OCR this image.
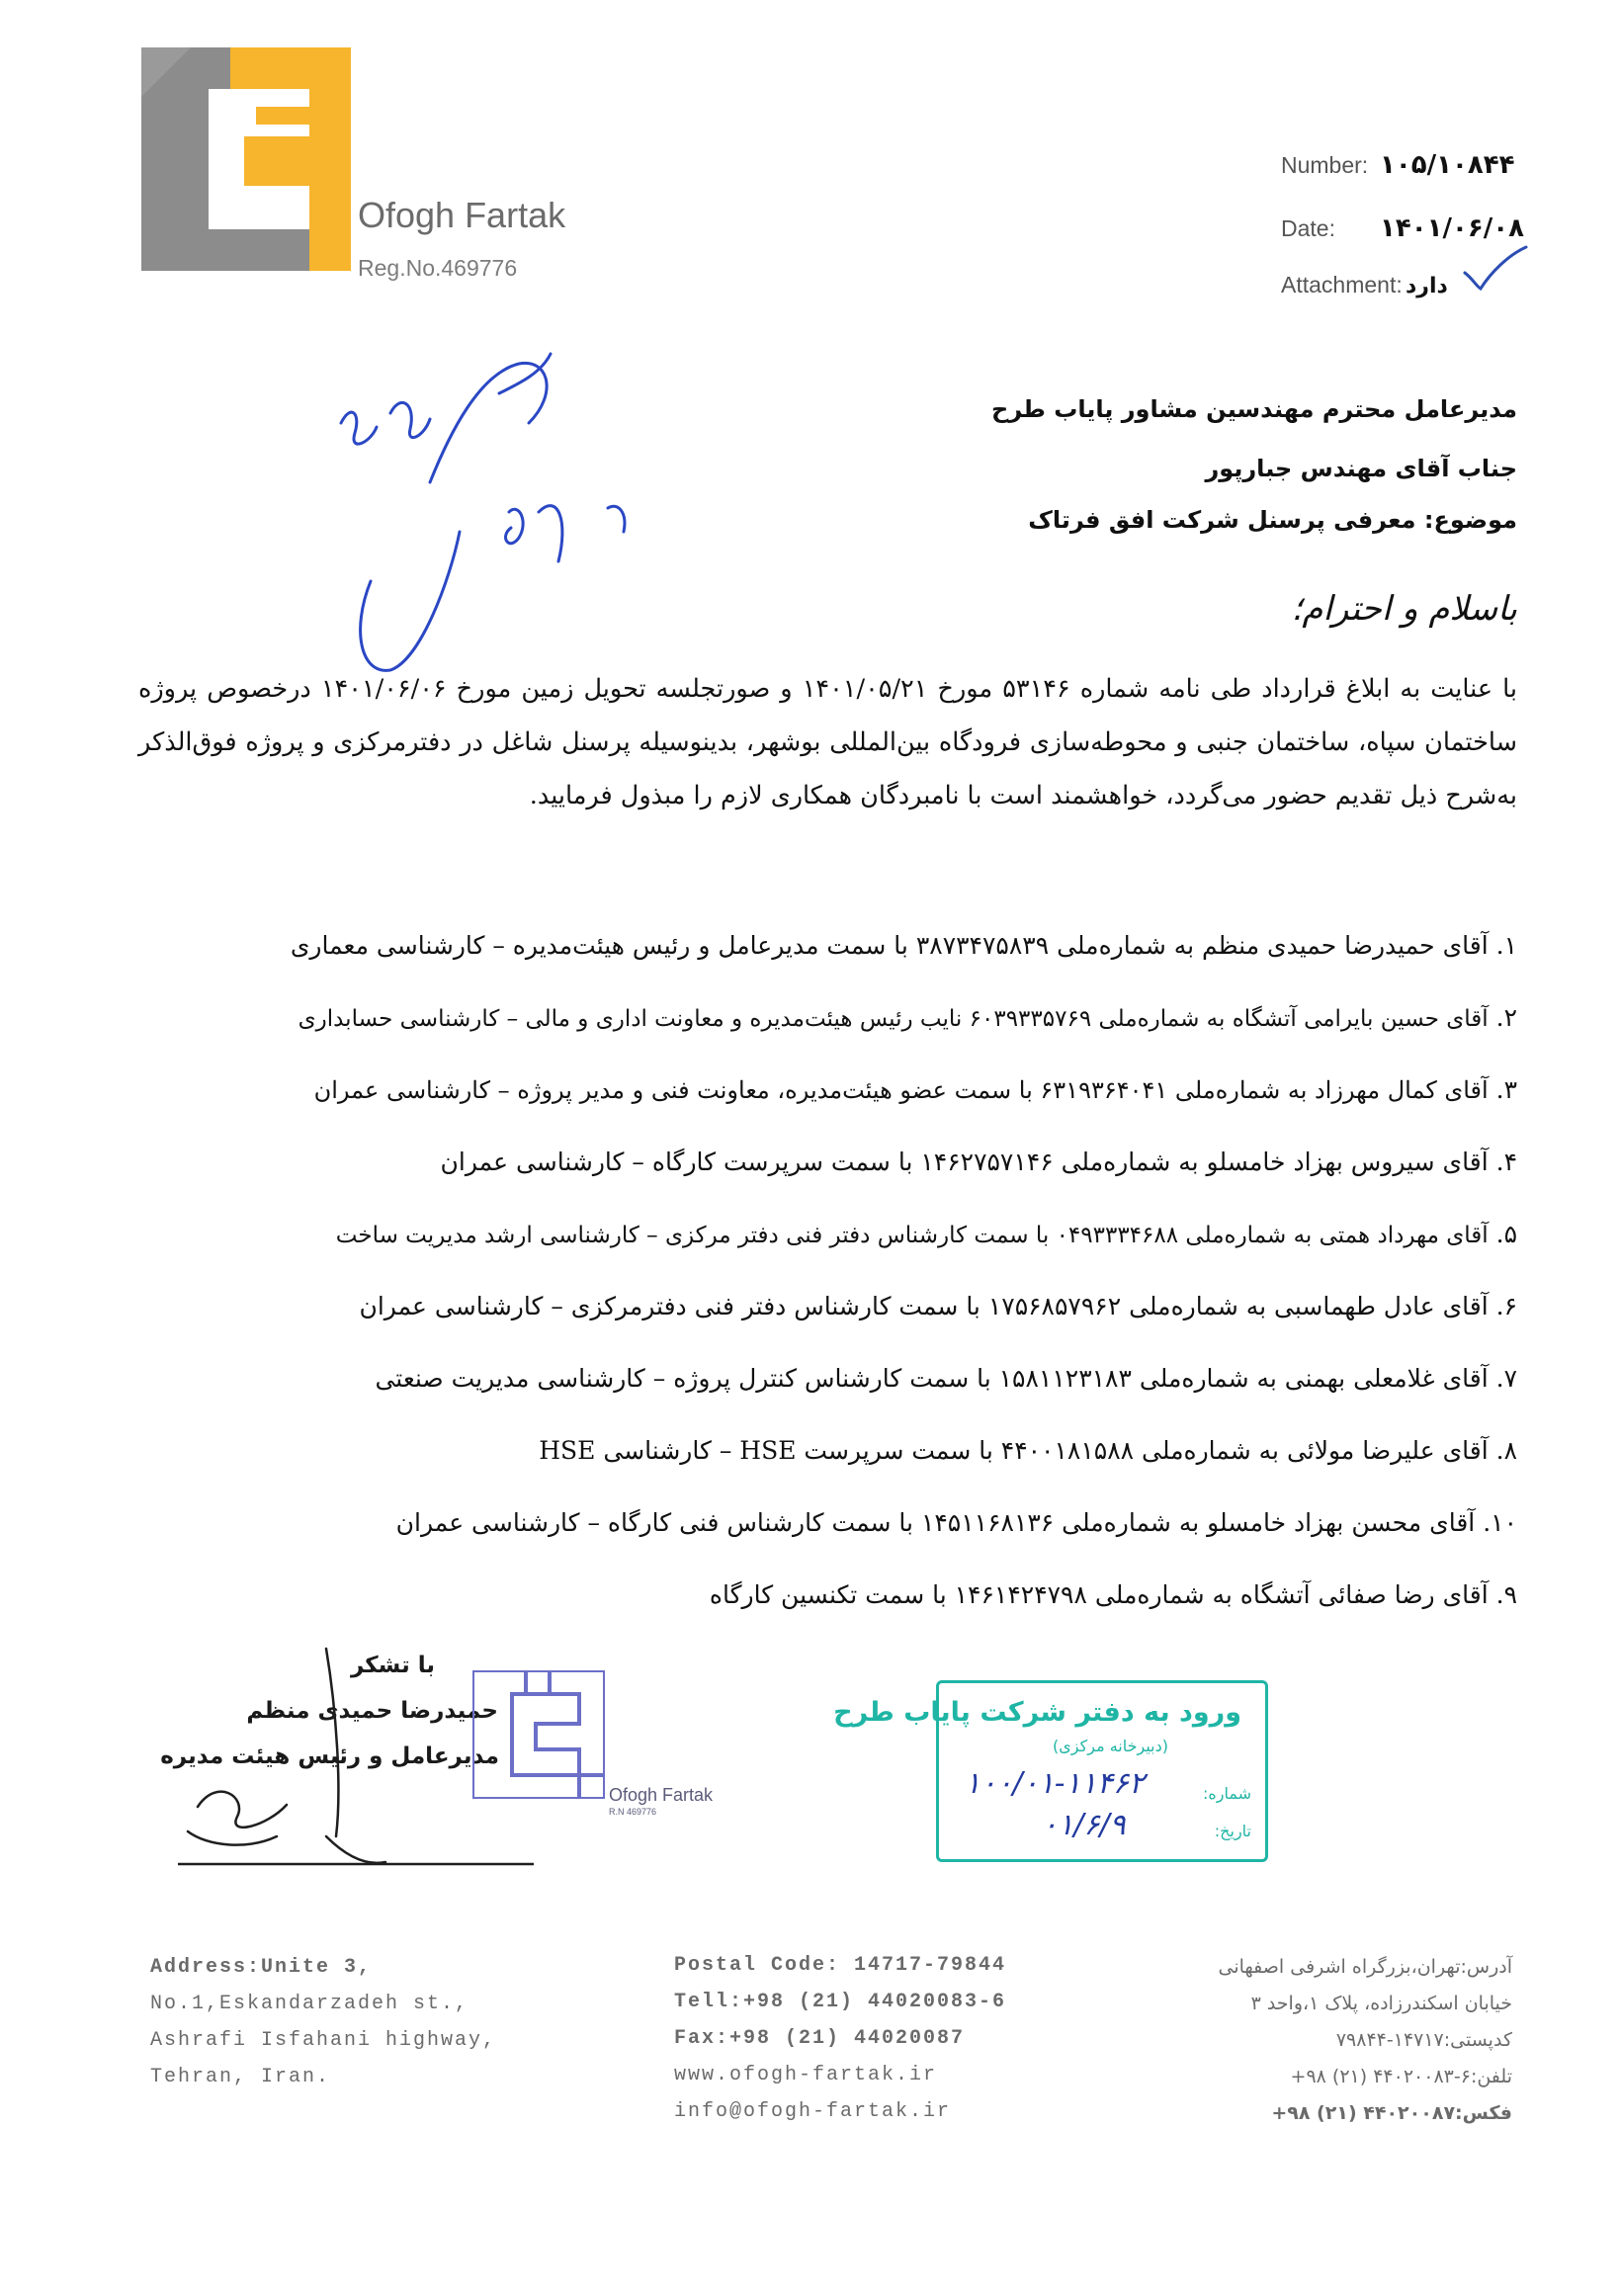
Ofogh Fartak
Reg.No.469776
Number: ۱۰۵/۱۰۸۴۴
Date: ۱۴۰۱/۰۶/۰۸
Attachment: دارد
مدیرعامل محترم مهندسین مشاور پایاب طرح
جناب آقای مهندس جبارپور
موضوع: معرفی پرسنل شرکت افق فرتاک
باسلام و احترام؛
با عنایت به ابلاغ قرارداد طی نامه شماره ۵۳۱۴۶ مورخ ۱۴۰۱/۰۵/۲۱ و صورتجلسه تحویل زمین مورخ ۱۴۰۱/۰۶/۰۶ درخصوص پروژه ساختمان سپاه، ساختمان جنبی و محوطه‌سازی فرودگاه بین‌المللی بوشهر، بدینوسیله پرسنل شاغل در دفترمرکزی و پروژه فوق‌الذکر به‌شرح ذیل تقدیم حضور می‌گردد، خواهشمند است با نامبردگان همکاری لازم را مبذول فرمایید.
۱. آقای حمیدرضا حمیدی منظم به شماره‌ملی ۳۸۷۳۴۷۵۸۳۹ با سمت مدیرعامل و رئیس هیئت‌مدیره – کارشناسی معماری
۲. آقای حسین بایرامی آتشگاه به شماره‌ملی ۶۰۳۹۳۳۵۷۶۹ نایب رئیس هیئت‌مدیره و معاونت اداری و مالی – کارشناسی حسابداری
۳. آقای کمال مهرزاد به شماره‌ملی ۶۳۱۹۳۶۴۰۴۱ با سمت عضو هیئت‌مدیره، معاونت فنی و مدیر پروژه – کارشناسی عمران
۴. آقای سیروس بهزاد خامسلو به شماره‌ملی ۱۴۶۲۷۵۷۱۴۶ با سمت سرپرست کارگاه – کارشناسی عمران
۵. آقای مهرداد همتی به شماره‌ملی ۰۴۹۳۳۳۴۶۸۸ با سمت کارشناس دفتر فنی دفتر مرکزی – کارشناسی ارشد مدیریت ساخت
۶. آقای عادل طهماسبی به شماره‌ملی ۱۷۵۶۸۵۷۹۶۲ با سمت کارشناس دفتر فنی دفترمرکزی – کارشناسی عمران
۷. آقای غلامعلی بهمنی به شماره‌ملی ۱۵۸۱۱۲۳۱۸۳ با سمت کارشناس کنترل پروژه – کارشناسی مدیریت صنعتی
۸. آقای علیرضا مولائی به شماره‌ملی ۴۴۰۰۱۸۱۵۸۸ با سمت سرپرست HSE – کارشناسی HSE
۱۰. آقای محسن بهزاد خامسلو به شماره‌ملی ۱۴۵۱۱۶۸۱۳۶ با سمت کارشناس فنی کارگاه – کارشناسی عمران
۹. آقای رضا صفائی آتشگاه به شماره‌ملی ۱۴۶۱۴۲۴۷۹۸ با سمت تکنسین کارگاه
با تشکر
حمیدرضا حمیدی منظم
مدیرعامل و رئیس هیئت مدیره
Ofogh Fartak
R.N 469776
ورود به دفتر شرکت پایاب طرح
(دبیرخانه مرکزی)
شماره:
تاریخ:
۱۰۰/۰۱-۱۱۴۶۲
۰۱/۶/۹
Address:Unite 3,
No.1,Eskandarzadeh st.,
Ashrafi Isfahani highway,
Tehran, Iran.
Postal Code: 14717-79844
Tell:+98 (21) 44020083-6
Fax:+98 (21) 44020087
www.ofogh-fartak.ir
info@ofogh-fartak.ir
آدرس:تهران،بزرگراه اشرفی اصفهانی
خیابان اسکندرزاده، پلاک ۱،واحد ۳
کدپستی:۱۴۷۱۷-۷۹۸۴۴
تلفن:۶-۴۴۰۲۰۰۸۳ (۲۱) ۹۸+
فکس:۴۴۰۲۰۰۸۷ (۲۱) ۹۸+
